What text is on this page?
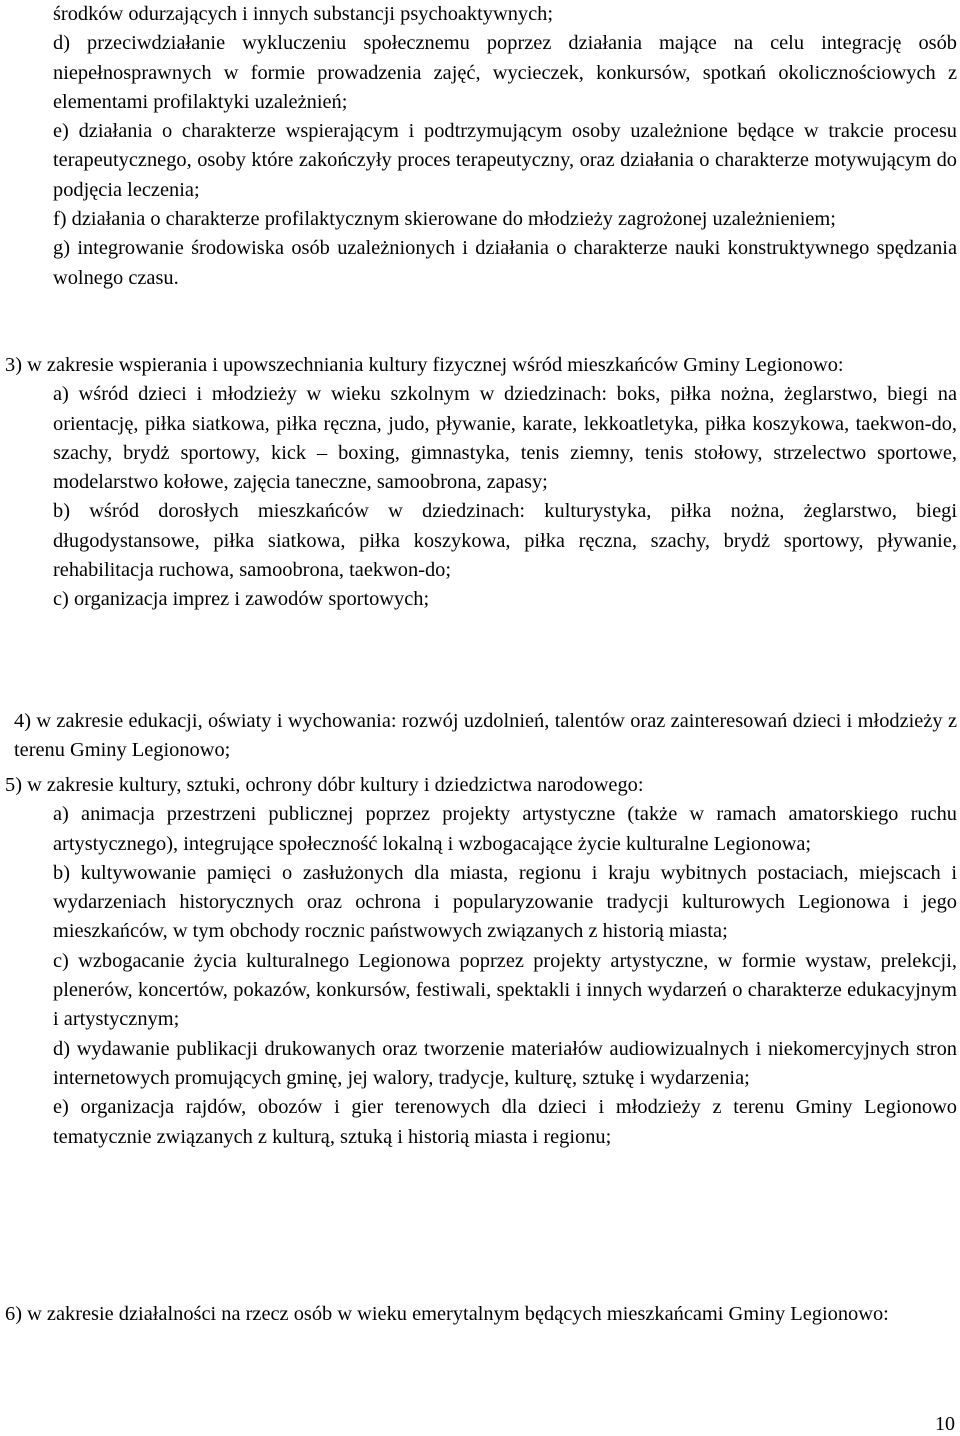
środków odurzających i innych substancji psychoaktywnych;

d) przeciwdziałanie wykluczeniu społecznemu poprzez działania mające na celu integrację osób niepełnosprawnych w formie prowadzenia zajęć, wycieczek, konkursów, spotkań okolicznościowych z elementami profilaktyki uzależnień;

e) działania o charakterze wspierającym i podtrzymującym osoby uzależnione będące w trakcie procesu terapeutycznego, osoby które zakończyły proces terapeutyczny, oraz działania o charakterze motywującym do podjęcia leczenia;

f) działania o charakterze profilaktycznym skierowane do młodzieży zagrożonej uzależnieniem;

g) integrowanie środowiska osób uzależnionych i działania o charakterze nauki konstruktywnego spędzania wolnego czasu.

3) w zakresie wspierania i upowszechniania kultury fizycznej wśród mieszkańców Gminy Legionowo:

a) wśród dzieci i młodzieży w wieku szkolnym w dziedzinach: boks, piłka nożna, żeglarstwo, biegi na orientację, piłka siatkowa, piłka ręczna, judo, pływanie, karate, lekkoatletyka, piłka koszykowa, taekwon-do, szachy, brydż sportowy, kick – boxing, gimnastyka, tenis ziemny, tenis stołowy, strzelectwo sportowe, modelarstwo kołowe, zajęcia taneczne, samoobrona, zapasy;

b) wśród dorosłych mieszkańców w dziedzinach: kulturystyka, piłka nożna, żeglarstwo, biegi długodystansowe, piłka siatkowa, piłka koszykowa, piłka ręczna, szachy, brydż sportowy, pływanie, rehabilitacja ruchowa, samoobrona, taekwon-do;

c) organizacja imprez i zawodów sportowych;

4) w zakresie edukacji, oświaty i wychowania: rozwój uzdolnień, talentów oraz zainteresowań dzieci i młodzieży z terenu Gminy Legionowo;

5) w zakresie kultury, sztuki, ochrony dóbr kultury i dziedzictwa narodowego:

a) animacja przestrzeni publicznej poprzez projekty artystyczne (także w ramach amatorskiego ruchu artystycznego), integrujące społeczność lokalną i wzbogacające życie kulturalne Legionowa;

b) kultywowanie pamięci o zasłużonych dla miasta, regionu i kraju wybitnych postaciach, miejscach i wydarzeniach historycznych oraz ochrona i popularyzowanie tradycji kulturowych Legionowa i jego mieszkańców, w tym obchody rocznic państwowych związanych z historią miasta;

c) wzbogacanie życia kulturalnego Legionowa poprzez projekty artystyczne, w formie wystaw, prelekcji, plenerów, koncertów, pokazów, konkursów, festiwali, spektakli i innych wydarzeń o charakterze edukacyjnym i artystycznym;

d) wydawanie publikacji drukowanych oraz tworzenie materiałów audiowizualnych i niekomercyjnych stron internetowych promujących gminę, jej walory, tradycje, kulturę, sztukę i wydarzenia;

e) organizacja rajdów, obozów i gier terenowych dla dzieci i młodzieży z terenu Gminy Legionowo tematycznie związanych z kulturą, sztuką i historią miasta i regionu;

6) w zakresie działalności na rzecz osób w wieku emerytalnym będących mieszkańcami Gminy Legionowo:

10
